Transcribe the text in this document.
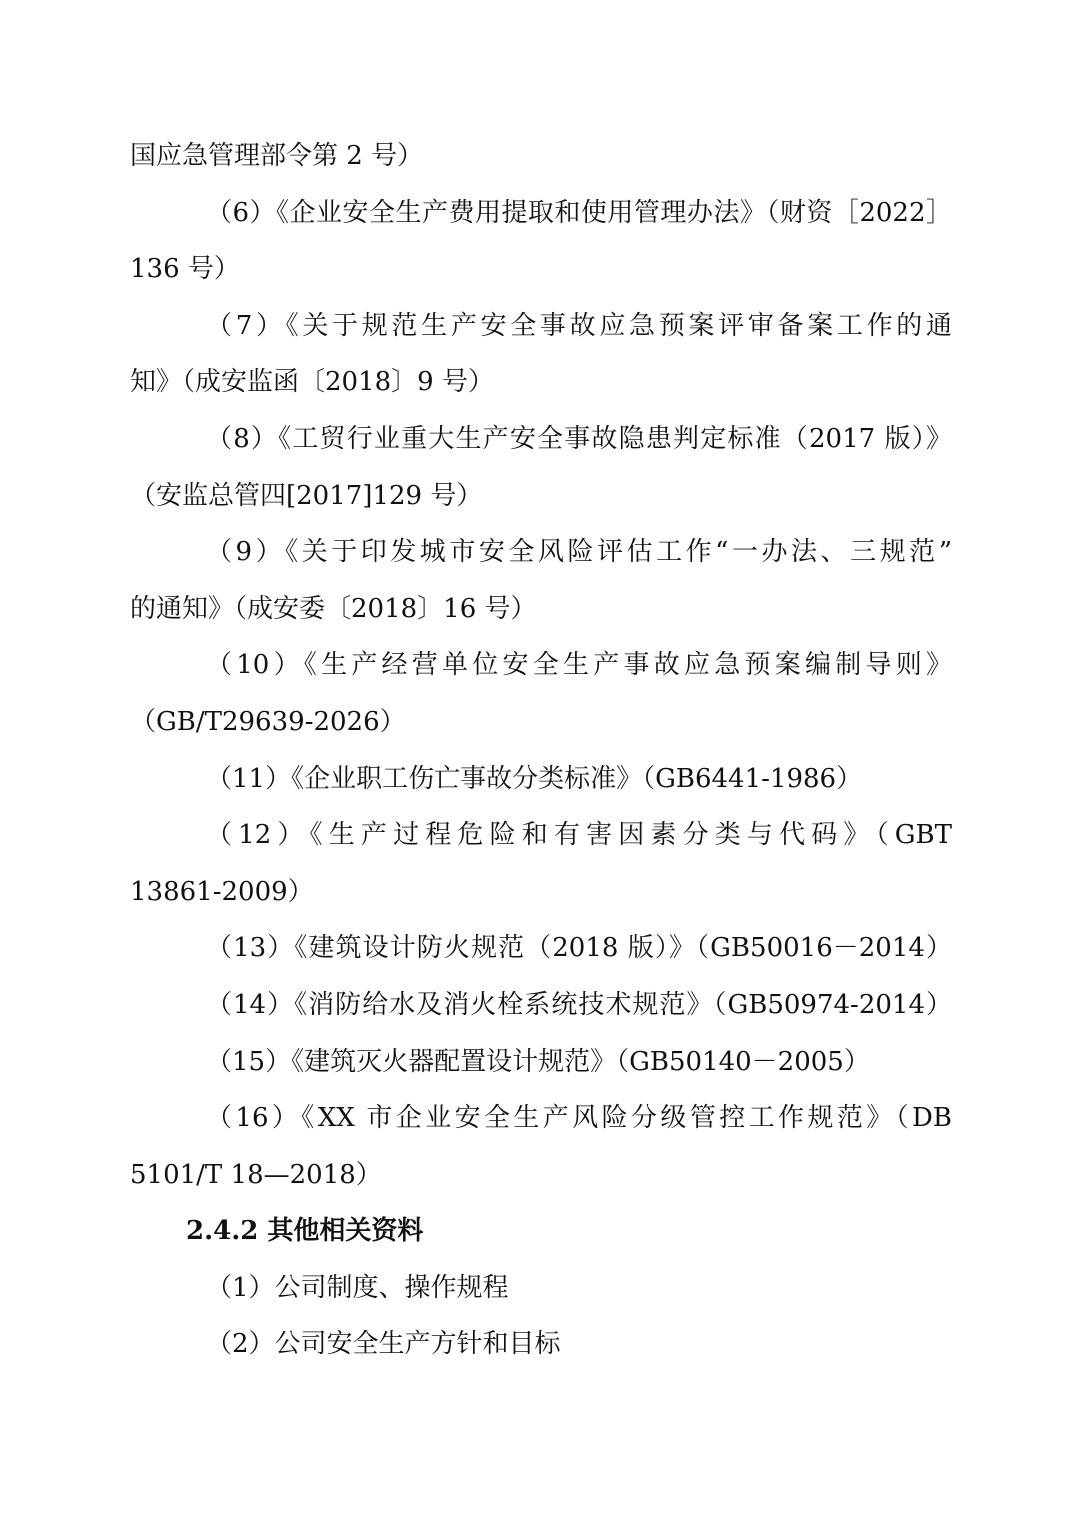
国应急管理部令第 2 号）
（6）《企业安全生产费用提取和使用管理办法》（财资［2022］
136 号）
（7）《关于规范生产安全事故应急预案评审备案工作的通
知》（成安监函〔2018〕9 号）
（8）《工贸行业重大生产安全事故隐患判定标准（2017 版）》
（安监总管四[2017]129 号）
（9）《关于印发城市安全风险评估工作“一办法、三规范”
的通知》（成安委〔2018〕16 号）
（10）《生产经营单位安全生产事故应急预案编制导则》
（GB/T29639-2026）
（11）《企业职工伤亡事故分类标准》（GB6441-1986）
（12）《生产过程危险和有害因素分类与代码》（GBT
13861-2009）
（13）《建筑设计防火规范（2018 版）》（GB50016－2014）
（14）《消防给水及消火栓系统技术规范》（GB50974-2014）
（15）《建筑灭火器配置设计规范》（GB50140－2005）
（16）《XX 市企业安全生产风险分级管控工作规范》（DB
5101/T 18—2018）
2.4.2 其他相关资料
（1）公司制度、操作规程
（2）公司安全生产方针和目标
